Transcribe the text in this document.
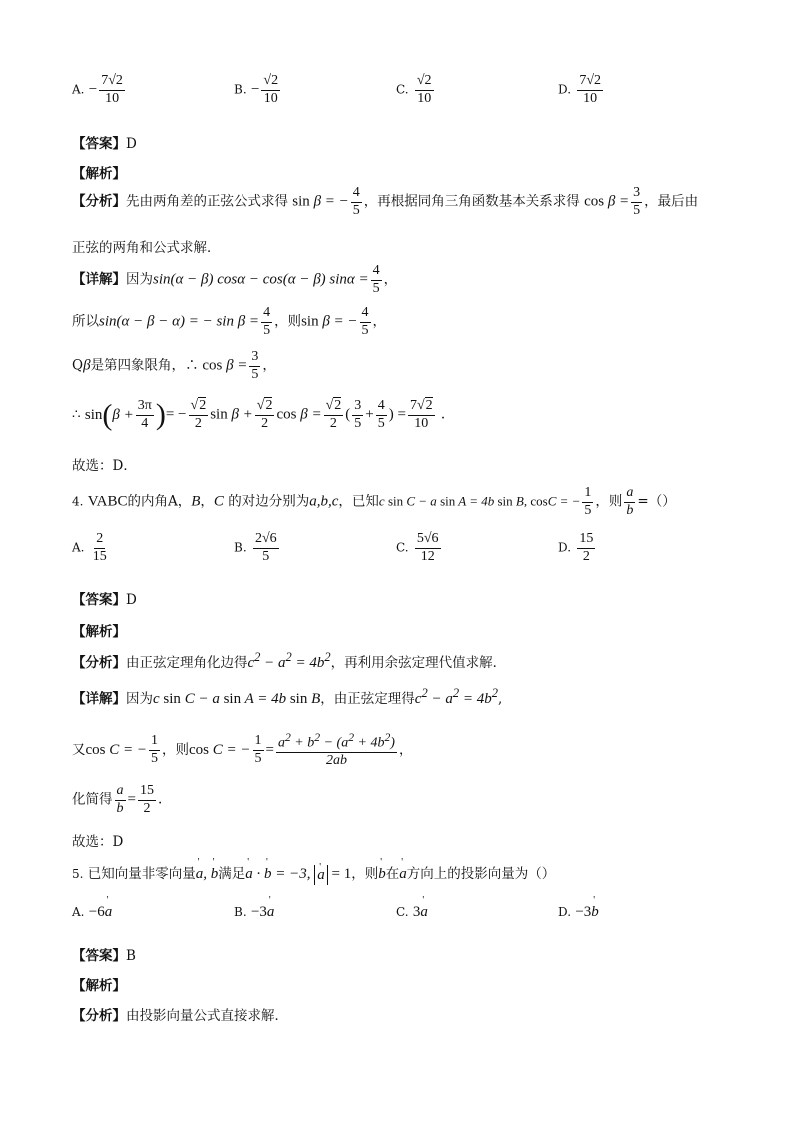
A. − $\frac{7√2}{10}$	B. − $\frac{√2}{10}$	C. $\frac{√2}{10}$	D. $\frac{7√2}{10}$
【答案】D
【解析】
【分析】先由两角差的正弦公式求得 sin β = − $\frac{4}{5}$ ，再根据同角三角函数基本关系求得 $\cos \beta = \frac{3}{5}$ ，最后由
正弦的两角和公式求解．
【详解】因为sin(α − β) cosα − cos(α − β) $\sin\alpha = \frac{4}{5}$ ，
所以sin(α − β − α) = − $\sin \beta = \frac{4}{5}$ ，则sin β = − $\frac{4}{5}$ ，
Qβ是第四象限角，∴ $\cos \beta = \frac{3}{5}$ ，
∴ $\sin(\beta + \frac{3\pi}{4}$ )= − $\frac{√2}{2}$ $\sin \beta + \frac{√2}{2}$ $\cos \beta = \frac{√2}{2}$ ( $\frac{3}{5} + \frac{4}{5}$ ) = $\frac{7√2}{10}$ .
故选：D．
4. VABC的内角A，B，C 的对边分别为a,b,c，已知c sin C − a sin A = 4b sin B, cosC = − $\frac{1}{5}$ ，则 $\frac{a}{b}$ =（）
A. $\frac{2}{15}$	B. $\frac{2√6}{5}$	C. $\frac{5√6}{12}$	D. $\frac{15}{2}$
【答案】D
【解析】
【分析】由正弦定理角化边得$c^2 - a^2 = 4b^2$，再利用余弦定理代值求解．
【详解】因为c sin C − a sin A = 4b sin B，由正弦定理得$c^2 - a^2 = 4b^2$,
又cos C = − $\frac{1}{5}$ ，则cos C = − $\frac{1}{5} = \frac{a^2 + b^2 - (a^2 + 4b^2)}{2ab}$ ，
化简得 $\frac{a}{b} = \frac{15}{2}$ .
故选：D
5. 已知向量非零向量' a, ' b满足' a · ' b = −3, ' a = 1，则' b在' a方向上的投影向量为（）
A. −6' a	B. −3' a	C. 3' a	D. −3' b
【答案】B
【解析】
【分析】由投影向量公式直接求解．
